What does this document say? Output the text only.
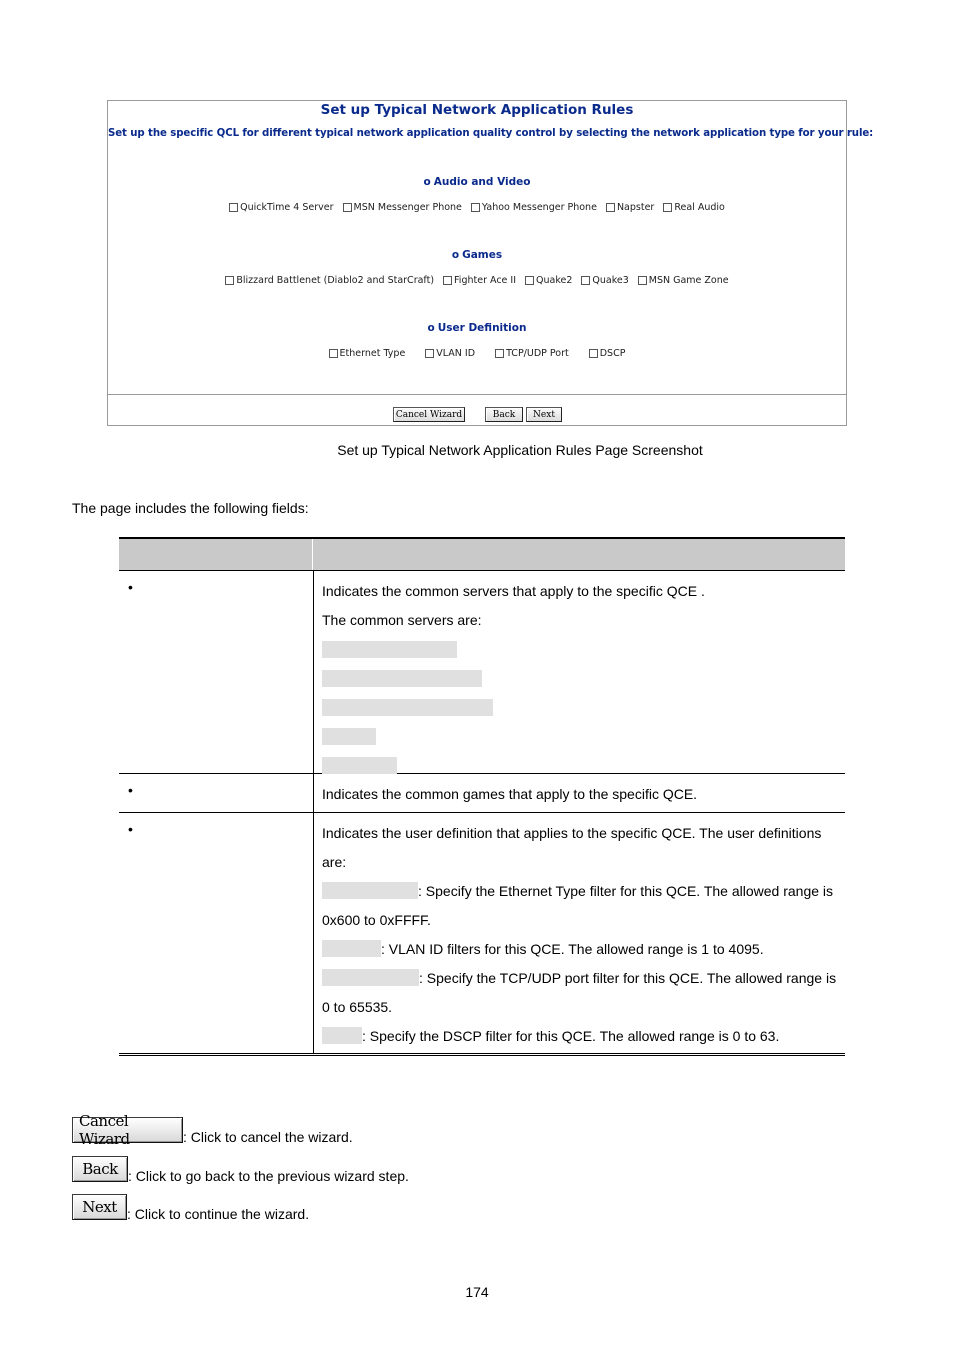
Set up Typical Network Application Rules
Set up the specific QCL for different typical network application quality control by selecting the network application type for your rule:
o Audio and Video
QuickTime 4 Server MSN Messenger Phone Yahoo Messenger Phone Napster Real Audio
o Games
Blizzard Battlenet (Diablo2 and StarCraft) Fighter Ace II Quake2 Quake3 MSN Game Zone
o User Definition
Ethernet Type	VLAN ID	TCP/UDP Port	DSCP
Cancel Wizard	Back	Next
Set up Typical Network Application Rules Page Screenshot
The page includes the following fields:
•	Indicates the common servers that apply to the specific QCE .
The common servers are:
•	Indicates the common games that apply to the specific QCE.
•	Indicates the user definition that applies to the specific QCE. The user definitions are:
: Specify the Ethernet Type filter for this QCE. The allowed range is 0x600 to 0xFFFF.
: VLAN ID filters for this QCE. The allowed range is 1 to 4095.
: Specify the TCP/UDP port filter for this QCE. The allowed range is 0 to 65535.
: Specify the DSCP filter for this QCE. The allowed range is 0 to 63.
Cancel Wizard	: Click to cancel the wizard.
Back : Click to go back to the previous wizard step.
Next : Click to continue the wizard.
174
